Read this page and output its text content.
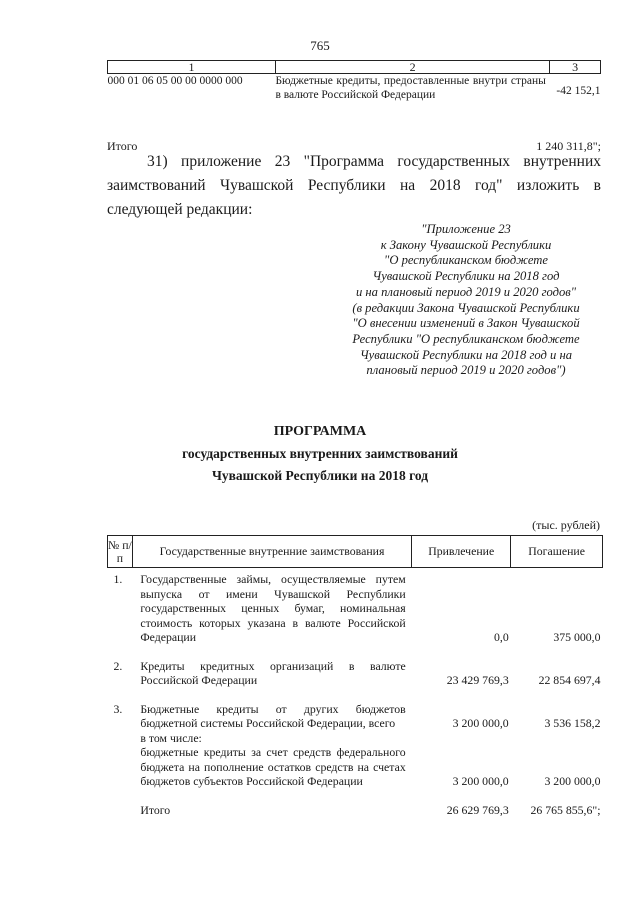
765
1	2	3
000 01 06 05 00 00 0000 000	Бюджетные кредиты, предоставленные внутри страны в валюте Российской Федерации	-42 152,1
Итого	1 240 311,8";
31) приложение 23 "Программа государственных внутренних заимствований Чувашской Республики на 2018 год" изложить в следующей редакции:
"Приложение 23
к Закону Чувашской Республики
"О республиканском бюджете
Чувашской Республики на 2018 год
и на плановый период 2019 и 2020 годов"
(в редакции Закона Чувашской Республики
"О внесении изменений в Закон Чувашской
Республики "О республиканском бюджете
Чувашской Республики на 2018 год и на
плановый период 2019 и 2020 годов")
ПРОГРАММА
государственных внутренних заимствований
Чувашской Республики на 2018 год
(тыс. рублей)
№ п/п	Государственные внутренние заимствования	Привлечение	Погашение

1.	Государственные займы, осуществляемые путем выпуска от имени Чувашской Республики государственных ценных бумаг, номинальная стоимость которых указана в валюте Российской Федерации	0,0	375 000,0

2.	Кредиты кредитных организаций в валюте Российской Федерации	23 429 769,3	22 854 697,4

3.	Бюджетные кредиты от других бюджетов бюджетной системы Российской Федерации, всего	3 200 000,0	3 536 158,2
	в том числе:		
	бюджетные кредиты за счет средств федерального бюджета на пополнение остатков средств на счетах бюджетов субъектов Российской Федерации	3 200 000,0	3 200 000,0

	Итого	26 629 769,3	26 765 855,6";
